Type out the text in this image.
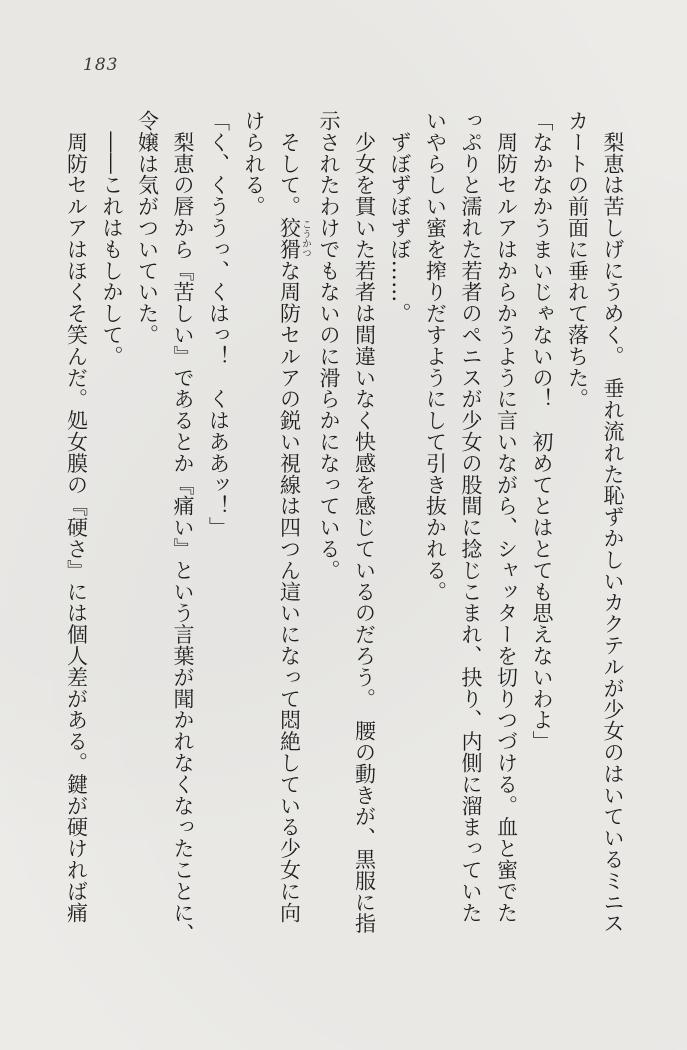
183
　梨恵は苦しげにうめく。　垂れ流れた恥ずかしいカクテルが少女のはいているミニス
カートの前面に垂れて落ちた。
「なかなかうまいじゃないの！　初めてとはとても思えないわよ」
　周防セルアはからかうように言いながら、シャッターを切りつづける。血と蜜でた
っぷりと濡れた若者のペニスが少女の股間に捻じこまれ、抉り、内側に溜まっていた
いやらしい蜜を搾りだすようにして引き抜かれる。
　ずぼずぼずぼ……。
　少女を貫いた若者は間違いなく快感を感じているのだろう。　腰の動きが、黒服に指
示されたわけでもないのに滑らかになっている。
　そして。狡猾こうかつな周防セルアの鋭い視線は四つん這いになって悶絶している少女に向
けられる。
「く、くううっ、くはっ！　くはああッ！」
　梨恵の唇から『苦しい』であるとか『痛い』という言葉が聞かれなくなったことに、
令嬢は気がついていた。
　――これはもしかして。
　周防セルアはほくそ笑んだ。処女膜の『硬さ』には個人差がある。鍵が硬ければ痛
